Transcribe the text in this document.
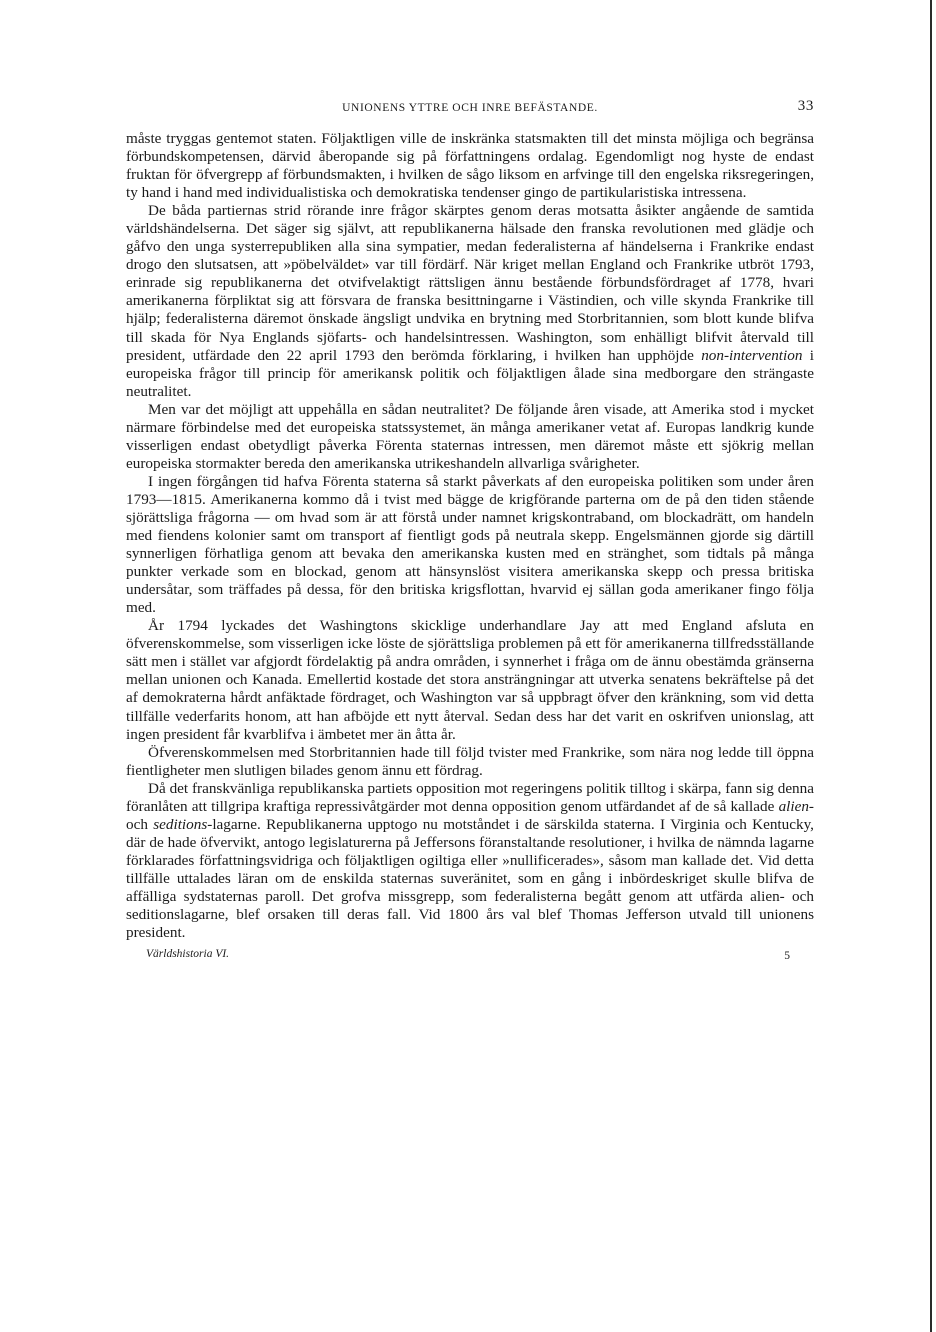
UNIONENS YTTRE OCH INRE BEFÄSTANDE.	33

måste tryggas gentemot staten. Följaktligen ville de inskränka statsmakten till det minsta möjliga och begränsa förbundskompetensen, därvid åberopande sig på författningens ordalag. Egendomligt nog hyste de endast fruktan för öfvergrepp af förbundsmakten, i hvilken de sågo liksom en arfvinge till den engelska riksregeringen, ty hand i hand med individualistiska och demokratiska tendenser gingo de partikularistiska intressena.

De båda partiernas strid rörande inre frågor skärptes genom deras motsatta åsikter angående de samtida världshändelserna. Det säger sig självt, att republikanerna hälsade den franska revolutionen med glädje och gåfvo den unga systerrepubliken alla sina sympatier, medan federalisterna af händelserna i Frankrike endast drogo den slutsatsen, att »pöbelväldet» var till fördärf. När kriget mellan England och Frankrike utbröt 1793, erinrade sig republikanerna det otvifvelaktigt rättsligen ännu bestående förbundsfördraget af 1778, hvari amerikanerna förpliktat sig att försvara de franska besittningarne i Västindien, och ville skynda Frankrike till hjälp; federalisterna däremot önskade ängsligt undvika en brytning med Storbritannien, som blott kunde blifva till skada för Nya Englands sjöfarts- och handelsintressen. Washington, som enhälligt blifvit återvald till president, utfärdade den 22 april 1793 den berömda förklaring, i hvilken han upphöjde non-intervention i europeiska frågor till princip för amerikansk politik och följaktligen ålade sina medborgare den strängaste neutralitet.

Men var det möjligt att uppehålla en sådan neutralitet? De följande åren visade, att Amerika stod i mycket närmare förbindelse med det europeiska statssystemet, än många amerikaner vetat af. Europas landkrig kunde visserligen endast obetydligt påverka Förenta staternas intressen, men däremot måste ett sjökrig mellan europeiska stormakter bereda den amerikanska utrikeshandeln allvarliga svårigheter.

I ingen förgången tid hafva Förenta staterna så starkt påverkats af den europeiska politiken som under åren 1793—1815. Amerikanerna kommo då i tvist med bägge de krigförande parterna om de på den tiden stående sjörättsliga frågorna — om hvad som är att förstå under namnet krigskontraband, om blockadrätt, om handeln med fiendens kolonier samt om transport af fientligt gods på neutrala skepp. Engelsmännen gjorde sig därtill synnerligen förhatliga genom att bevaka den amerikanska kusten med en stränghet, som tidtals på många punkter verkade som en blockad, genom att hänsynslöst visitera amerikanska skepp och pressa britiska undersåtar, som träffades på dessa, för den britiska krigsflottan, hvarvid ej sällan goda amerikaner fingo följa med.

År 1794 lyckades det Washingtons skicklige underhandlare Jay att med England afsluta en öfverenskommelse, som visserligen icke löste de sjörättsliga problemen på ett för amerikanerna tillfredsställande sätt men i stället var afgjordt fördelaktig på andra områden, i synnerhet i fråga om de ännu obestämda gränserna mellan unionen och Kanada. Emellertid kostade det stora ansträngningar att utverka senatens bekräftelse på det af demokraterna hårdt anfäktade fördraget, och Washington var så uppbragt öfver den kränkning, som vid detta tillfälle vederfarits honom, att han afböjde ett nytt återval. Sedan dess har det varit en oskrifven unionslag, att ingen president får kvarblifva i ämbetet mer än åtta år.

Öfverenskommelsen med Storbritannien hade till följd tvister med Frankrike, som nära nog ledde till öppna fientligheter men slutligen bilades genom ännu ett fördrag.

Då det franskvänliga republikanska partiets opposition mot regeringens politik tilltog i skärpa, fann sig denna föranlåten att tillgripa kraftiga repressivåtgärder mot denna opposition genom utfärdandet af de så kallade alien- och seditions-lagarne. Republikanerna upptogo nu motståndet i de särskilda staterna. I Virginia och Kentucky, där de hade öfvervikt, antogo legislaturerna på Jeffersons föranstaltande resolutioner, i hvilka de nämnda lagarne förklarades författningsvidriga och följaktligen ogiltiga eller »nullificerades», såsom man kallade det. Vid detta tillfälle uttalades läran om de enskilda staternas suveränitet, som en gång i inbördeskriget skulle blifva de affälliga sydstaternas paroll. Det grofva missgrepp, som federalisterna begått genom att utfärda alien- och seditionslagarne, blef orsaken till deras fall. Vid 1800 års val blef Thomas Jefferson utvald till unionens president.

Världshistoria VI.	5
